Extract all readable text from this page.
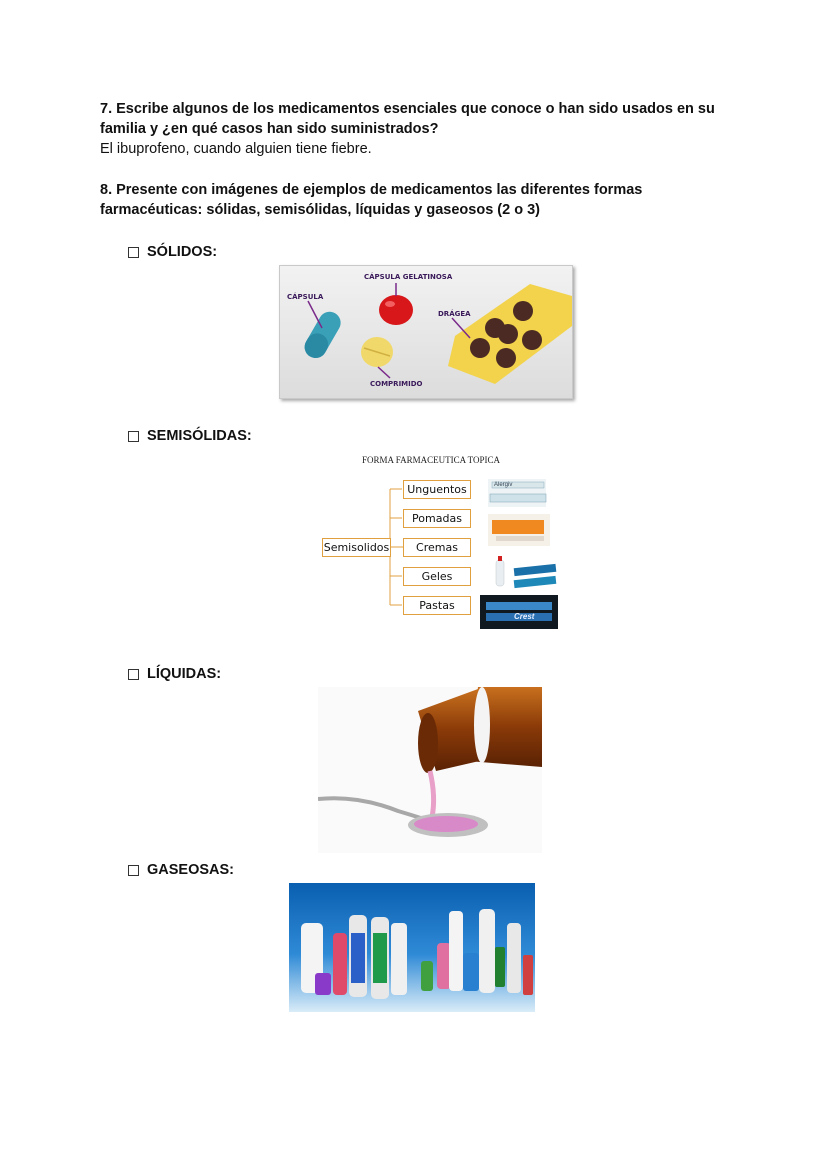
7. Escribe algunos de los medicamentos esenciales que conoce o han sido usados en su familia y ¿en qué casos han sido suministrados?
El ibuprofeno, cuando alguien tiene fiebre.
8. Presente con imágenes de ejemplos de medicamentos las diferentes formas farmacéuticas: sólidas, semisólidas, líquidas y gaseosos (2 o 3)
SÓLIDOS:
CÁPSULA
CÁPSULA GELATINOSA
DRÁGEA
COMPRIMIDO
SEMISÓLIDAS:
FORMA FARMACEUTICA TOPICA
Semisolidos
Unguentos
Pomadas
Cremas
Geles
Pastas
Alergiv
Crest
LÍQUIDAS:
GASEOSAS:
